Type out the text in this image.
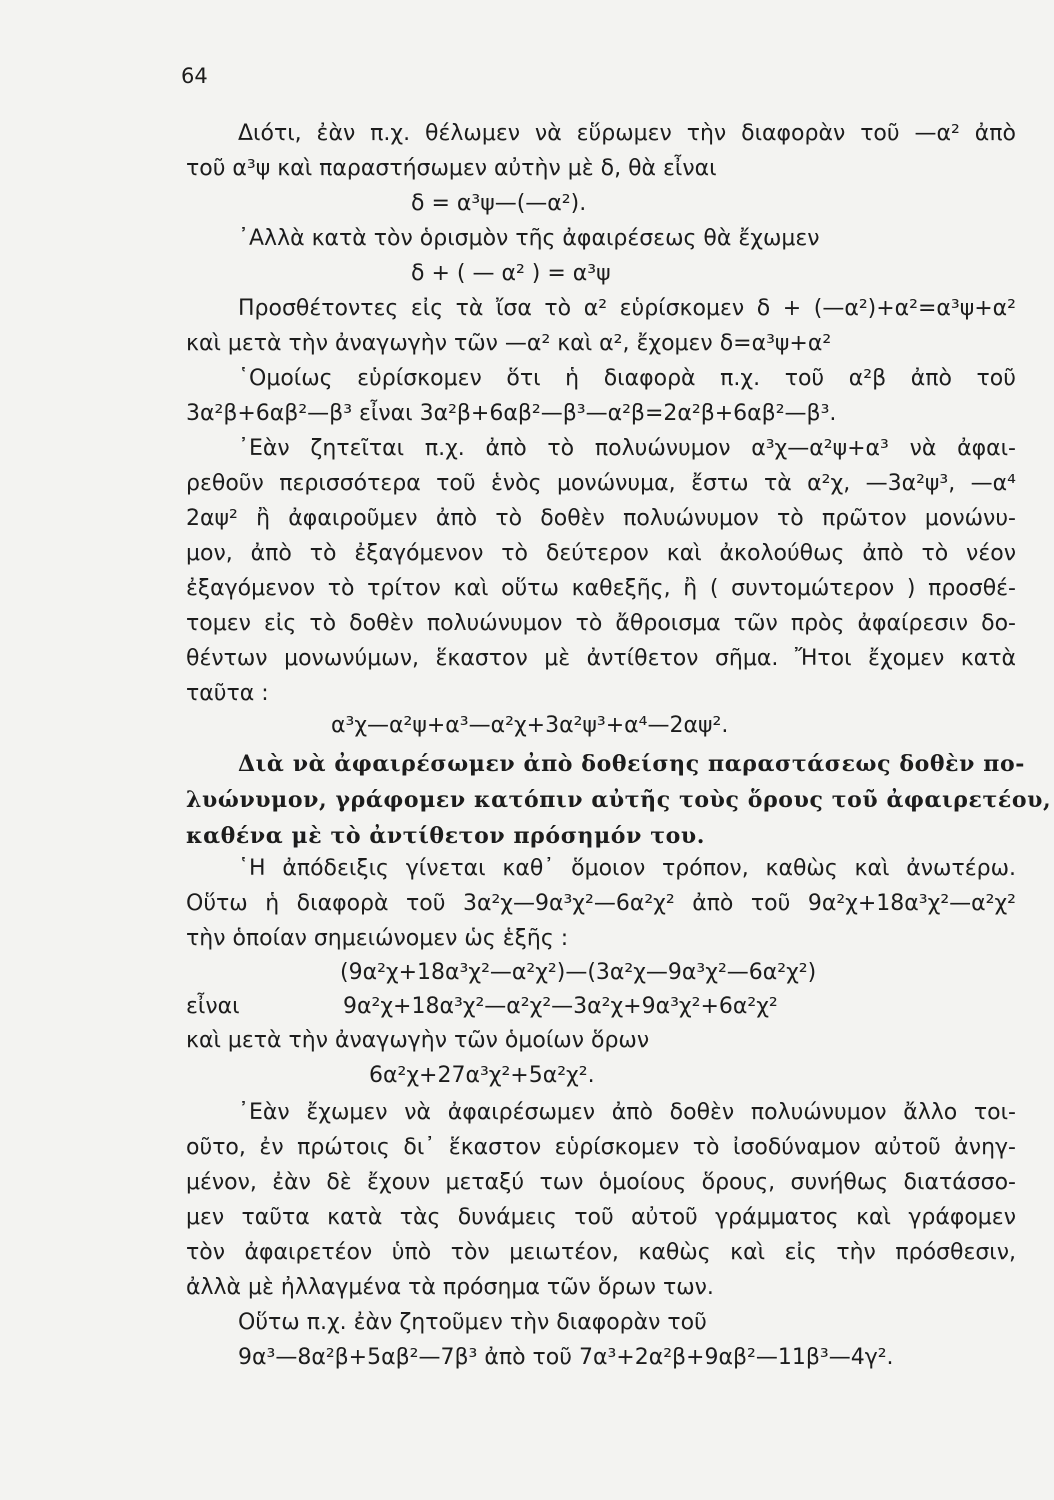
64
Διότι, ἐὰν π.χ. θέλωμεν νὰ εὕρωμεν τὴν διαφορὰν τοῦ —α² ἀπὸ
τοῦ α³ψ καὶ παραστήσωμεν αὐτὴν μὲ δ, θὰ εἶναι
δ = α³ψ—(—α²).
᾿Αλλὰ κατὰ τὸν ὁρισμὸν τῆς ἀφαιρέσεως θὰ ἔχωμεν
δ + ( — α² ) = α³ψ
Προσθέτοντες εἰς τὰ ἴσα τὸ α² εὑρίσκομεν δ + (—α²)+α²=α³ψ+α²
καὶ μετὰ τὴν ἀναγωγὴν τῶν —α² καὶ α², ἔχομεν δ=α³ψ+α²
῾Ομοίως εὑρίσκομεν ὅτι ἡ διαφορὰ π.χ. τοῦ α²β ἀπὸ τοῦ
3α²β+6αβ²—β³ εἶναι 3α²β+6αβ²—β³—α²β=2α²β+6αβ²—β³.
᾿Εὰν ζητεῖται π.χ. ἀπὸ τὸ πολυώνυμον α³χ—α²ψ+α³ νὰ ἀφαι-
ρεθοῦν περισσότερα τοῦ ἑνὸς μονώνυμα, ἔστω τὰ α²χ, —3α²ψ³, —α⁴
2αψ² ἢ ἀφαιροῦμεν ἀπὸ τὸ δοθὲν πολυώνυμον τὸ πρῶτον μονώνυ-
μον, ἀπὸ τὸ ἐξαγόμενον τὸ δεύτερον καὶ ἀκολούθως ἀπὸ τὸ νέον
ἐξαγόμενον τὸ τρίτον καὶ οὕτω καθεξῆς, ἢ ( συντομώτερον ) προσθέ-
τομεν εἰς τὸ δοθὲν πολυώνυμον τὸ ἄθροισμα τῶν πρὸς ἀφαίρεσιν δο-
θέντων μονωνύμων, ἕκαστον μὲ ἀντίθετον σῆμα. Ἤτοι ἔχομεν κατὰ
ταῦτα :
α³χ—α²ψ+α³—α²χ+3α²ψ³+α⁴—2αψ².
Διὰ νὰ ἀφαιρέσωμεν ἀπὸ δοθείσης παραστάσεως δοθὲν πο-
λυώνυμον, γράφομεν κατόπιν αὐτῆς τοὺς ὅρους τοῦ ἀφαιρετέου,
καθένα μὲ τὸ ἀντίθετον πρόσημόν του.
῾Η ἀπόδειξις γίνεται καθ᾿ ὅμοιον τρόπον, καθὼς καὶ ἀνωτέρω.
Οὕτω ἡ διαφορὰ τοῦ 3α²χ—9α³χ²—6α²χ² ἀπὸ τοῦ 9α²χ+18α³χ²—α²χ²
τὴν ὁποίαν σημειώνομεν ὡς ἑξῆς :
(9α²χ+18α³χ²—α²χ²)—(3α²χ—9α³χ²—6α²χ²)
εἶναι	9α²χ+18α³χ²—α²χ²—3α²χ+9α³χ²+6α²χ²
καὶ μετὰ τὴν ἀναγωγὴν τῶν ὁμοίων ὅρων
6α²χ+27α³χ²+5α²χ².
᾿Εὰν ἔχωμεν νὰ ἀφαιρέσωμεν ἀπὸ δοθὲν πολυώνυμον ἄλλο τοι-
οῦτο, ἐν πρώτοις δι᾿ ἕκαστον εὑρίσκομεν τὸ ἰσοδύναμον αὐτοῦ ἀνηγ-
μένον, ἐὰν δὲ ἔχουν μεταξύ των ὁμοίους ὅρους, συνήθως διατάσσο-
μεν ταῦτα κατὰ τὰς δυνάμεις τοῦ αὐτοῦ γράμματος καὶ γράφομεν
τὸν ἀφαιρετέον ὑπὸ τὸν μειωτέον, καθὼς καὶ εἰς τὴν πρόσθεσιν,
ἀλλὰ μὲ ἠλλαγμένα τὰ πρόσημα τῶν ὅρων των.
Οὕτω π.χ. ἐὰν ζητοῦμεν τὴν διαφορὰν τοῦ
9α³—8α²β+5αβ²—7β³ ἀπὸ τοῦ 7α³+2α²β+9αβ²—11β³—4γ².
